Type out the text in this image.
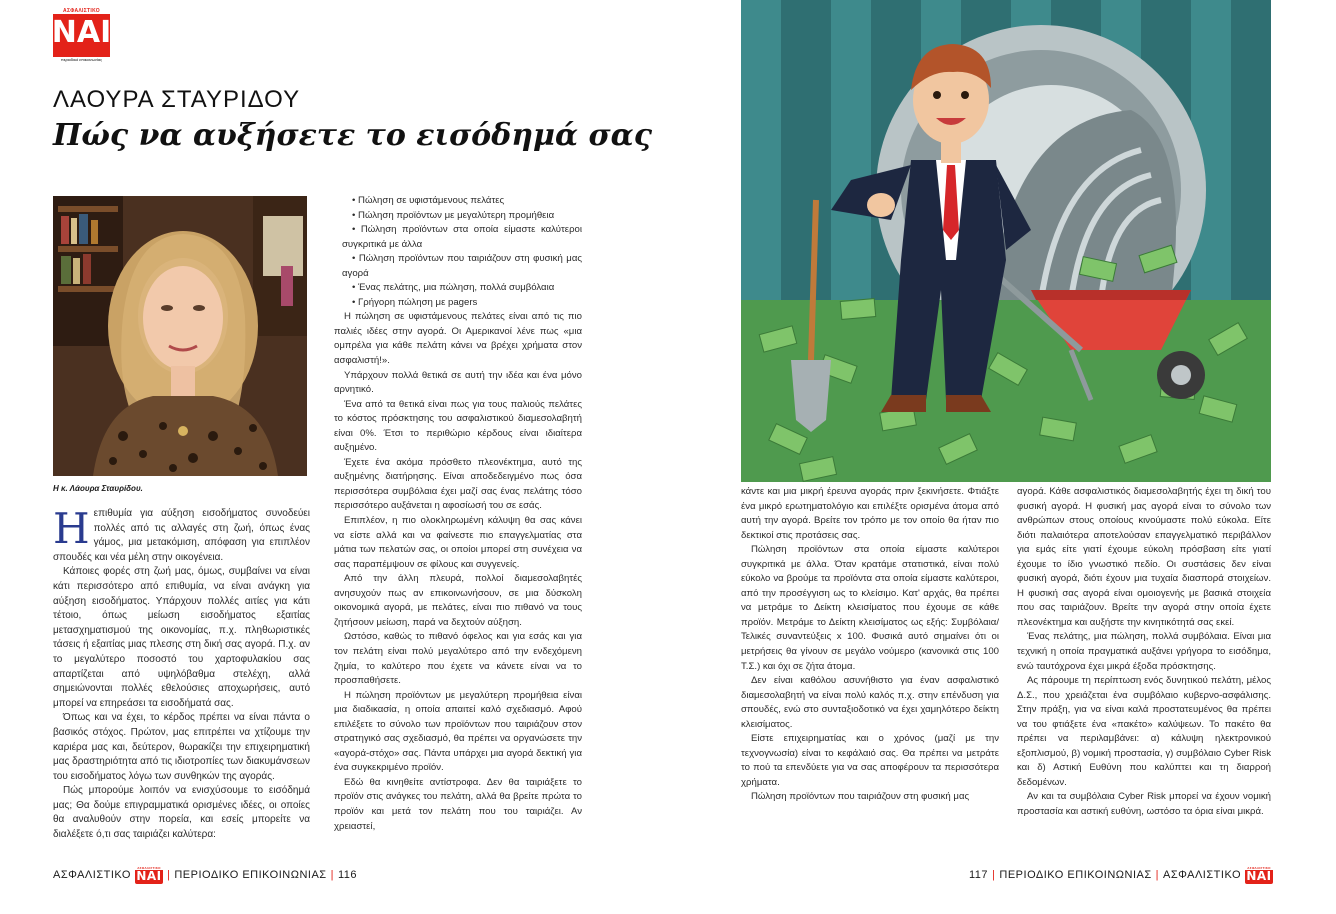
ΑΣΦΑΛΙΣΤΙΚΟ
ΝΑΙ
περιοδικό επικοινωνίας
ΛΑΟΥΡΑ ΣΤΑΥΡΙΔΟΥ
Πώς να αυξήσετε το εισόδημά σας
Η κ. Λάουρα Σταυρίδου.
Η επιθυμία για αύξηση εισοδήματος συνοδεύει πολλές από τις αλλαγές στη ζωή, όπως ένας γάμος, μια μετακόμιση, απόφαση για επιπλέον σπουδές και νέα μέλη στην οικογένεια.

Κάποιες φορές στη ζωή μας, όμως, συμβαίνει να είναι κάτι περισσότερο από επιθυμία, να είναι ανάγκη για αύξηση εισοδήματος. Υπάρχουν πολλές αιτίες για κάτι τέτοιο, όπως μείωση εισοδήματος εξαιτίας μετασχηματισμού της οικονομίας, π.χ. πληθωριστικές τάσεις ή εξαιτίας μιας πλεσης στη δική σας αγορά. Π.χ. αν το μεγαλύτερο ποσοστό του χαρτοφυλακίου σας απαρτίζεται από υψηλόβαθμα στελέχη, αλλά σημειώνονται πολλές εθελούσιες αποχωρήσεις, αυτό μπορεί να επηρεάσει τα εισοδήματά σας.

Όπως και να έχει, το κέρδος πρέπει να είναι πάντα ο βασικός στόχος. Πρώτον, μας επιτρέπει να χτίζουμε την καριέρα μας και, δεύτερον, θωρακίζει την επιχειρηματική μας δραστηριότητα από τις ιδιοτροπίες των διακυμάνσεων του εισοδήματος λόγω των συνθηκών της αγοράς.

Πώς μπορούμε λοιπόν να ενισχύσουμε το εισόδημά μας; Θα δούμε επιγραμματικά ορισμένες ιδέες, οι οποίες θα αναλυθούν στην πορεία, και εσείς μπορείτε να διαλέξετε ό,τι σας ταιριάζει καλύτερα:

• Πώληση σε υφιστάμενους πελάτες

• Πώληση προϊόντων με μεγαλύτερη προμήθεια

• Πώληση προϊόντων στα οποία είμαστε καλύτεροι συγκριτικά με άλλα

• Πώληση προϊόντων που ταιριάζουν στη φυσική μας αγορά

• Ένας πελάτης, μια πώληση, πολλά συμβόλαια

• Γρήγορη πώληση με pagers

Η πώληση σε υφιστάμενους πελάτες είναι από τις πιο παλιές ιδέες στην αγορά. Οι Αμερικανοί λένε πως «μια ομπρέλα για κάθε πελάτη κάνει να βρέχει χρήματα στον ασφαλιστή!».

Υπάρχουν πολλά θετικά σε αυτή την ιδέα και ένα μόνο αρνητικό.

Ένα από τα θετικά είναι πως για τους παλιούς πελάτες το κόστος πρόσκτησης του ασφαλιστικού διαμεσολαβητή είναι 0%. Έτσι το περιθώριο κέρδους είναι ιδιαίτερα αυξημένο.

Έχετε ένα ακόμα πρόσθετο πλεονέκτημα, αυτό της αυξημένης διατήρησης. Είναι αποδεδειγμένο πως όσα περισσότερα συμβόλαια έχει μαζί σας ένας πελάτης τόσο περισσότερο αυξάνεται η αφοσίωσή του σε εσάς.

Επιπλέον, η πιο ολοκληρωμένη κάλυψη θα σας κάνει να είστε αλλά και να φαίνεστε πιο επαγγελματίας στα μάτια των πελατών σας, οι οποίοι μπορεί στη συνέχεια να σας παραπέμψουν σε φίλους και συγγενείς.

Από την άλλη πλευρά, πολλοί διαμεσολαβητές ανησυχούν πως αν επικοινωνήσουν, σε μια δύσκολη οικονομικά αγορά, με πελάτες, είναι πιο πιθανό να τους ζητήσουν μείωση, παρά να δεχτούν αύξηση.

Ωστόσο, καθώς το πιθανό όφελος και για εσάς και για τον πελάτη είναι πολύ μεγαλύτερο από την ενδεχόμενη ζημία, το καλύτερο που έχετε να κάνετε είναι να το προσπαθήσετε.

Η πώληση προϊόντων με μεγαλύτερη προμήθεια είναι μια διαδικασία, η οποία απαιτεί καλό σχεδιασμό. Αφού επιλέξετε το σύνολο των προϊόντων που ταιριάζουν στον στρατηγικό σας σχεδιασμό, θα πρέπει να οργανώσετε την «αγορά-στόχο» σας. Πάντα υπάρχει μια αγορά δεκτική για ένα συγκεκριμένο προϊόν.

Εδώ θα κινηθείτε αντίστροφα. Δεν θα ταιριάξετε το προϊόν στις ανάγκες του πελάτη, αλλά θα βρείτε πρώτα το προϊόν και μετά τον πελάτη που του ταιριάζει. Αν χρειαστεί,

ΑΣΦΑΛΙΣΤΙΚΟ
ΑΣΦΑΛΙΣΤΙΚΟ
ΝΑΙ | ΠΕΡΙΟΔΙΚΟ ΕΠΙΚΟΙΝΩΝΙΑΣ | 116

κάντε και μια μικρή έρευνα αγοράς πριν ξεκινήσετε. Φτιάξτε ένα μικρό ερωτηματολόγιο και επιλέξτε ορισμένα άτομα από αυτή την αγορά. Βρείτε τον τρόπο με τον οποίο θα ήταν πιο δεκτικοί στις προτάσεις σας.

Πώληση προϊόντων στα οποία είμαστε καλύτεροι συγκριτικά με άλλα. Όταν κρατάμε στατιστικά, είναι πολύ εύκολο να βρούμε τα προϊόντα στα οποία είμαστε καλύτεροι, από την προσέγγιση ως το κλείσιμο. Κατ' αρχάς, θα πρέπει να μετράμε το Δείκτη κλεισίματος που έχουμε σε κάθε προϊόν. Μετράμε το Δείκτη κλεισίματος ως εξής: Συμβόλαια/ Τελικές συναντεύξεις x 100. Φυσικά αυτό σημαίνει ότι οι μετρήσεις θα γίνουν σε μεγάλο νούμερο (κανονικά στις 100 Τ.Σ.) και όχι σε ζήτα άτομα.

Δεν είναι καθόλου ασυνήθιστο για έναν ασφαλιστικό διαμεσολαβητή να είναι πολύ καλός π.χ. στην επένδυση για σπουδές, ενώ στο συνταξιοδοτικό να έχει χαμηλότερο δείκτη κλεισίματος.

Είστε επιχειρηματίας και ο χρόνος (μαζί με την τεχνογνωσία) είναι το κεφάλαιό σας. Θα πρέπει να μετράτε το πού τα επενδύετε για να σας αποφέρουν τα περισσότερα χρήματα.

Πώληση προϊόντων που ταιριάζουν στη φυσική μας

αγορά. Κάθε ασφαλιστικός διαμεσολαβητής έχει τη δική του φυσική αγορά. Η φυσική μας αγορά είναι το σύνολο των ανθρώπων στους οποίους κινούμαστε πολύ εύκολα. Είτε διότι παλαιότερα αποτελούσαν επαγγελματικό περιβάλλον για εμάς είτε γιατί έχουμε εύκολη πρόσβαση είτε γιατί έχουμε το ίδιο γνωστικό πεδίο. Οι συστάσεις δεν είναι φυσική αγορά, διότι έχουν μια τυχαία διασπορά στοιχείων. Η φυσική σας αγορά είναι ομοιογενής με βασικά στοιχεία που σας ταιριάζουν. Βρείτε την αγορά στην οποία έχετε πλεονέκτημα και αυξήστε την κινητικότητά σας εκεί.

Ένας πελάτης, μια πώληση, πολλά συμβόλαια. Είναι μια τεχνική η οποία πραγματικά αυξάνει γρήγορα το εισόδημα, ενώ ταυτόχρονα έχει μικρά έξοδα πρόσκτησης.

Ας πάρουμε τη περίπτωση ενός δυνητικού πελάτη, μέλος Δ.Σ., που χρειάζεται ένα συμβόλαιο κυβερνο-ασφάλισης. Στην πράξη, για να είναι καλά προστατευμένος θα πρέπει να του φτιάξετε ένα «πακέτο» καλύψεων. Το πακέτο θα πρέπει να περιλαμβάνει: α) κάλυψη ηλεκτρονικού εξοπλισμού, β) νομική προστασία, γ) συμβόλαιο Cyber Risk και δ) Αστική Ευθύνη που καλύπτει και τη διαρροή δεδομένων.

Αν και τα συμβόλαια Cyber Risk μπορεί να έχουν νομική προστασία και αστική ευθύνη, ωστόσο τα όρια είναι μικρά.

117 | ΠΕΡΙΟΔΙΚΟ ΕΠΙΚΟΙΝΩΝΙΑΣ | ΑΣΦΑΛΙΣΤΙΚΟ
ΑΣΦΑΛΙΣΤΙΚΟ
ΝΑΙ
